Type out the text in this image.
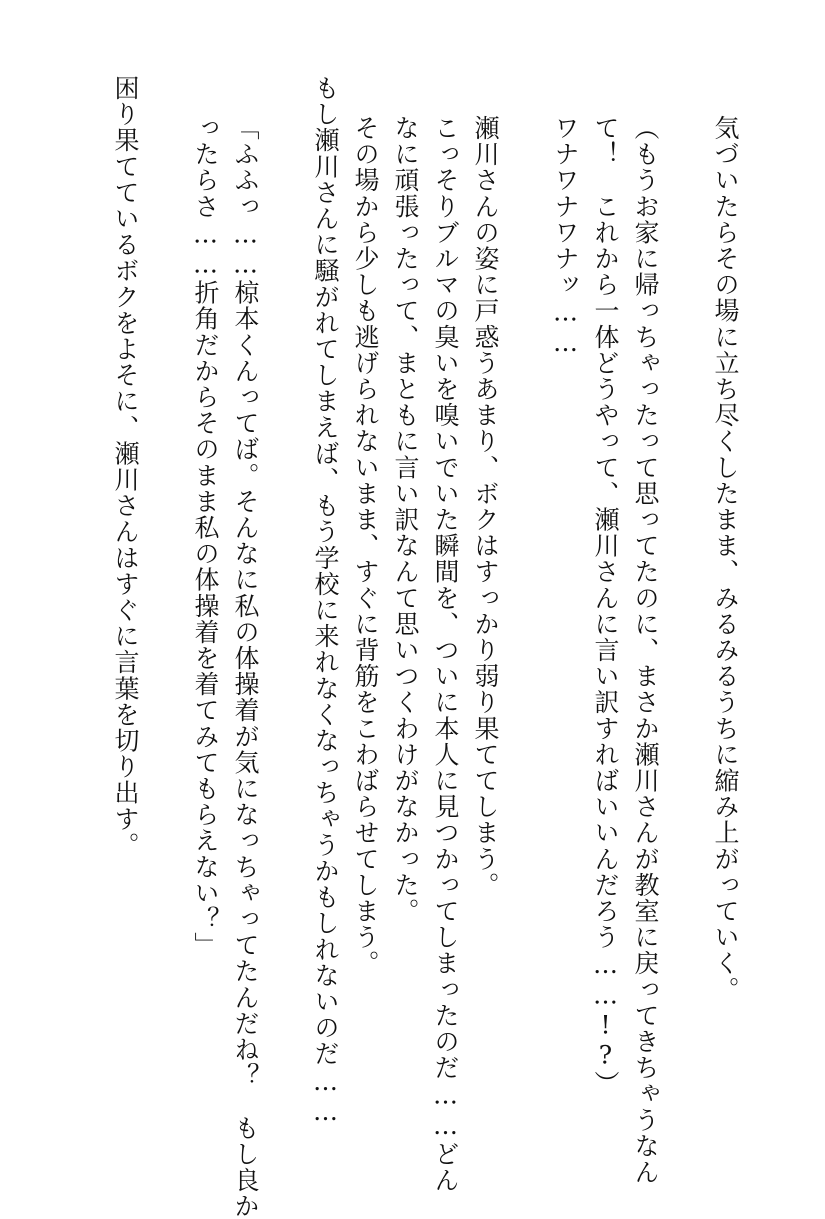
気づいたらその場に立ち尽くしたまま、みるみるうちに縮み上がっていく。
（もうお家に帰っちゃったって思ってたのに、まさか瀬川さんが教室に戻ってきちゃうなん
て！　これから一体どうやって、瀬川さんに言い訳すればいいんだろう……!?）
ワナワナワナッ……
瀬川さんの姿に戸惑うあまり、ボクはすっかり弱り果ててしまう。
こっそりブルマの臭いを嗅いでいた瞬間を、ついに本人に見つかってしまったのだ……どん
なに頑張ったって、まともに言い訳なんて思いつくわけがなかった。
その場から少しも逃げられないまま、すぐに背筋をこわばらせてしまう。
もし瀬川さんに騒がれてしまえば、もう学校に来れなくなっちゃうかもしれないのだ……
「ふふっ……椋本くんってば。そんなに私の体操着が気になっちゃってたんだね？　もし良か
ったらさ……折角だからそのまま私の体操着を着てみてもらえない？」
困り果てているボクをよそに、瀬川さんはすぐに言葉を切り出す。
